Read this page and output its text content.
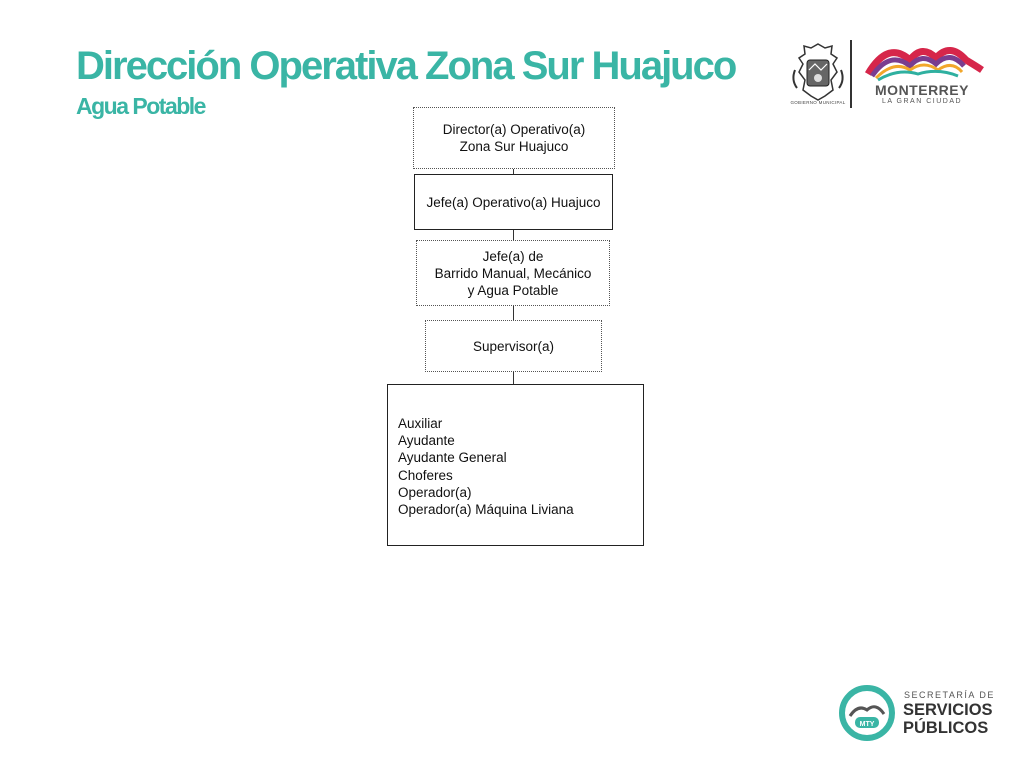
Dirección Operativa Zona Sur Huajuco
Agua Potable	GOBIERNO MUNICIPAL
MONTERREY
LA GRAN CIUDAD
Director(a) Operativo(a)
Zona Sur Huajuco
Jefe(a) Operativo(a) Huajuco
Jefe(a) de
Barrido Manual, Mecánico
y Agua Potable
Supervisor(a)
Auxiliar
Ayudante
Ayudante General
Choferes
Operador(a)
Operador(a) Máquina Liviana
MTY
SECRETARÍA DE
SERVICIOS
PÚBLICOS
